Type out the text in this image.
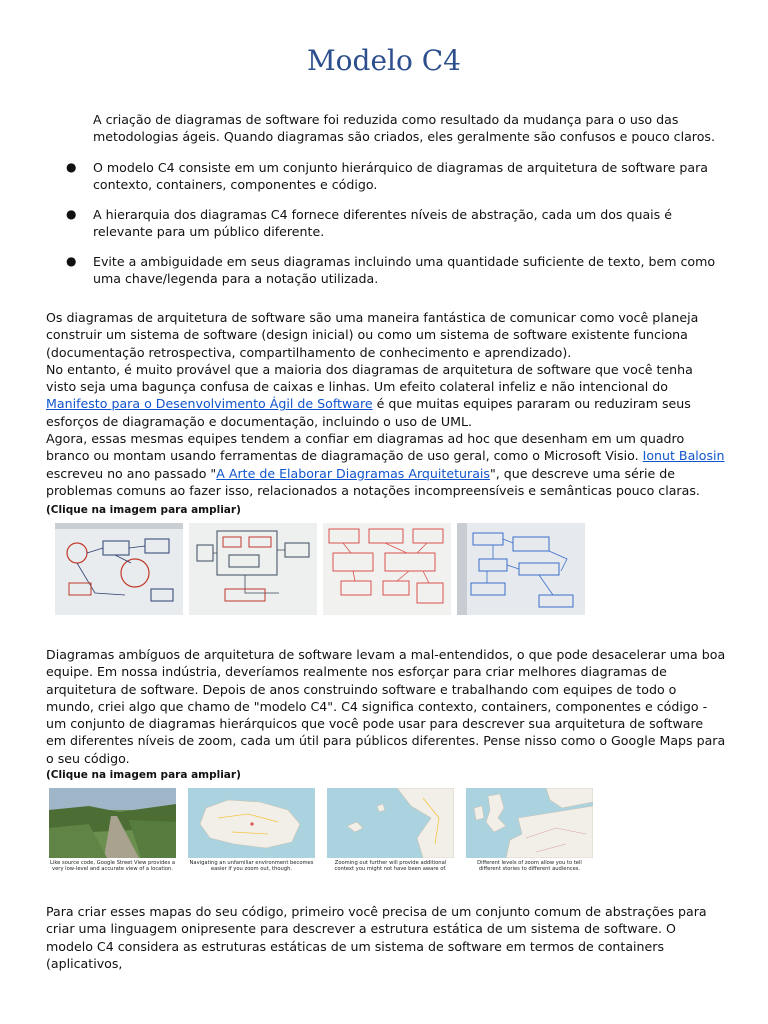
Modelo C4
A criação de diagramas de software foi reduzida como resultado da mudança para o uso das metodologias ágeis. Quando diagramas são criados, eles geralmente são confusos e pouco claros.
● O modelo C4 consiste em um conjunto hierárquico de diagramas de arquitetura de software para contexto, containers, componentes e código.
● A hierarquia dos diagramas C4 fornece diferentes níveis de abstração, cada um dos quais é relevante para um público diferente.
● Evite a ambiguidade em seus diagramas incluindo uma quantidade suficiente de texto, bem como uma chave/legenda para a notação utilizada.
Os diagramas de arquitetura de software são uma maneira fantástica de comunicar como você planeja construir um sistema de software (design inicial) ou como um sistema de software existente funciona (documentação retrospectiva, compartilhamento de conhecimento e aprendizado).
No entanto, é muito provável que a maioria dos diagramas de arquitetura de software que você tenha visto seja uma bagunça confusa de caixas e linhas. Um efeito colateral infeliz e não intencional do Manifesto para o Desenvolvimento Ágil de Software é que muitas equipes pararam ou reduziram seus esforços de diagramação e documentação, incluindo o uso de UML.
Agora, essas mesmas equipes tendem a confiar em diagramas ad hoc que desenham em um quadro branco ou montam usando ferramentas de diagramação de uso geral, como o Microsoft Visio. Ionut Balosin escreveu no ano passado "A Arte de Elaborar Diagramas Arquiteturais", que descreve uma série de problemas comuns ao fazer isso, relacionados a notações incompreensíveis e semânticas pouco claras.
(Clique na imagem para ampliar)
Diagramas ambíguos de arquitetura de software levam a mal-entendidos, o que pode desacelerar uma boa equipe. Em nossa indústria, deveríamos realmente nos esforçar para criar melhores diagramas de arquitetura de software. Depois de anos construindo software e trabalhando com equipes de todo o mundo, criei algo que chamo de "modelo C4". C4 significa contexto, containers, componentes e código - um conjunto de diagramas hierárquicos que você pode usar para descrever sua arquitetura de software em diferentes níveis de zoom, cada um útil para públicos diferentes. Pense nisso como o Google Maps para o seu código.
(Clique na imagem para ampliar)
Like source code, Google Street View provides a very low-level and accurate view of a location.
Navigating an unfamiliar environment becomes easier if you zoom out, though.
Zooming out further will provide additional context you might not have been aware of.
Different levels of zoom allow you to tell different stories to different audiences.
Para criar esses mapas do seu código, primeiro você precisa de um conjunto comum de abstrações para criar uma linguagem onipresente para descrever a estrutura estática de um sistema de software. O modelo C4 considera as estruturas estáticas de um sistema de software em termos de containers (aplicativos,
